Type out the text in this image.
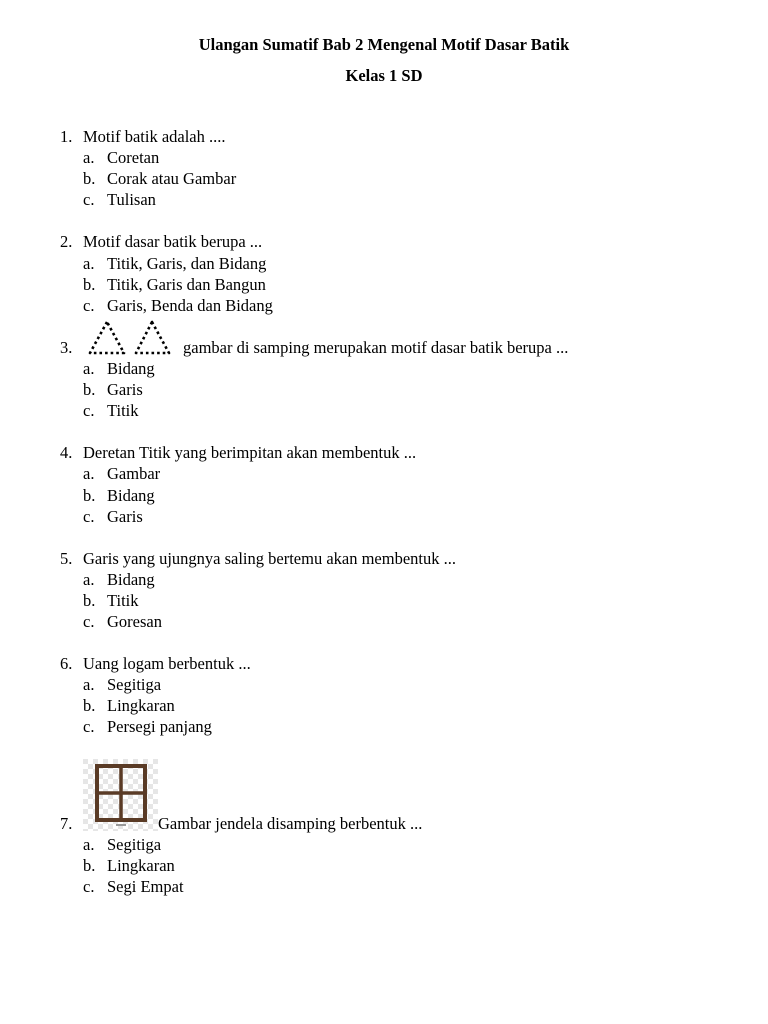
Ulangan Sumatif Bab 2 Mengenal Motif Dasar Batik
Kelas 1 SD
1. Motif batik adalah ....
a. Coretan
b. Corak atau Gambar
c. Tulisan
2. Motif dasar batik berupa ...
a. Titik, Garis, dan Bidang
b. Titik, Garis dan Bangun
c. Garis, Benda dan Bidang
3.	gambar di samping merupakan motif dasar batik berupa ...
a. Bidang
b. Garis
c. Titik
4. Deretan Titik yang berimpitan akan membentuk ...
a. Gambar
b. Bidang
c. Garis
5. Garis yang ujungnya saling bertemu akan membentuk ...
a. Bidang
b. Titik
c. Goresan
6. Uang logam berbentuk ...
a. Segitiga
b. Lingkaran
c. Persegi panjang
7.	Gambar jendela disamping berbentuk ...
a. Segitiga
b. Lingkaran
c. Segi Empat
